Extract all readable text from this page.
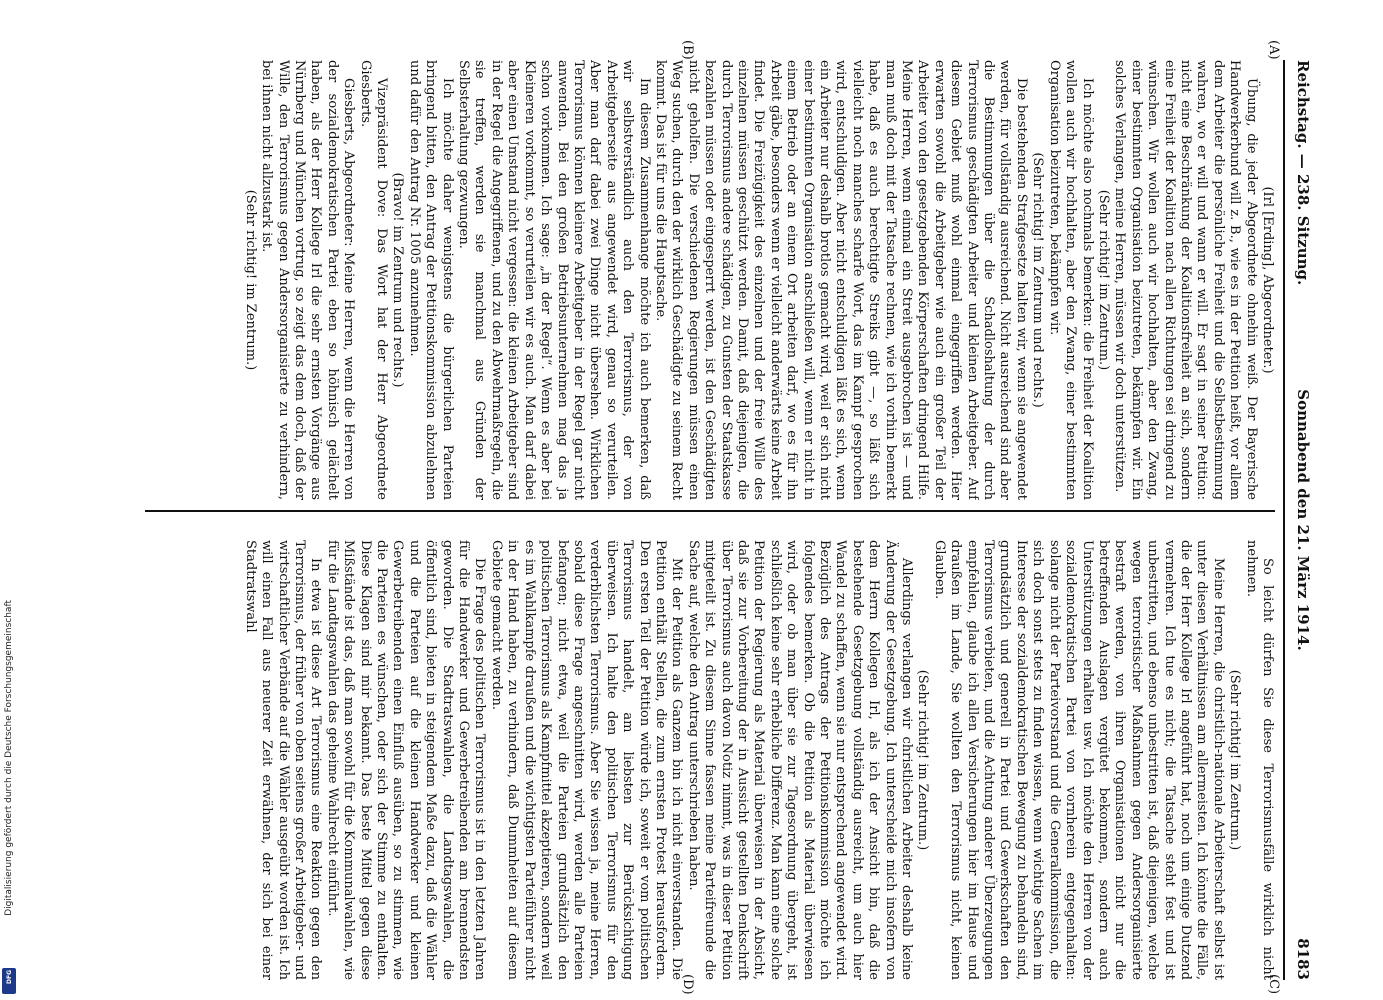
Reichstag. — 238. Sitzung.
Sonnabend den 21. März 1914.
8183
(A)
(B)
(C)
(D)

(Irl [Erding], Abgeordneter.)

Übung, die jeder Abgeordnete ohnehin weiß. Der Bayerische Handwerkerbund will z. B., wie es in der Petition heißt, vor allem dem Arbeiter die persönliche Freiheit und die Selbstbestimmung wahren, wo er will und wann er will. Er sagt in seiner Petition: nicht eine Beschränkung der Koalitionsfreiheit an sich, sondern eine Freiheit der Koalition nach allen Richtungen sei dringend zu wünschen. Wir wollen auch wir hochhalten, aber den Zwang, einer bestimmten Organisation beizutreten, bekämpfen wir. Ein solches Verlangen, meine Herren, müssen wir doch unterstützen.

(Sehr richtig! im Zentrum.)

Ich möchte also nochmals bemerken: die Freiheit der Koalition wollen auch wir hochhalten, aber den Zwang, einer bestimmten Organisation beizutreten, bekämpfen wir.

(Sehr richtig! im Zentrum und rechts.)

Die bestehenden Strafgesetze halten wir, wenn sie angewendet werden, für vollständig ausreichend. Nicht ausreichend sind aber die Bestimmungen über die Schadloshaltung der durch Terrorismus geschädigten Arbeiter und kleinen Arbeitgeber. Auf diesem Gebiet muß wohl einmal eingegriffen werden. Hier erwarten sowohl die Arbeitgeber wie auch ein großer Teil der Arbeiter von den gesetzgebenden Körperschaften dringend Hilfe. Meine Herren, wenn einmal ein Streit ausgebrochen ist — und man muß doch mit der Tatsache rechnen, wie ich vorhin bemerkt habe, daß es auch berechtigte Streiks gibt —, so läßt sich vielleicht noch manches scharfe Wort, das im Kampf gesprochen wird, entschuldigen. Aber nicht entschuldigen läßt es sich, wenn ein Arbeiter nur deshalb brotlos gemacht wird, weil er sich nicht einer bestimmten Organisation anschließen will, wenn er nicht in einem Betrieb oder an einem Ort arbeiten darf, wo es für ihn Arbeit gäbe, besonders wenn er vielleicht anderwärts keine Arbeit findet. Die Freizügigkeit des einzelnen und der freie Wille des einzelnen müssen geschützt werden. Damit, daß diejenigen, die durch Terrorismus andere schädigen, zu Gunsten der Staatskasse bezahlen müssen oder eingesperrt werden, ist den Geschädigten nicht geholfen. Die verschiedenen Regierungen müssen einen Weg suchen, durch den der wirklich Geschädigte zu seinem Recht kommt. Das ist für uns die Hauptsache.

Im diesem Zusammenhange möchte ich auch bemerken, daß wir selbstverständlich auch den Terrorismus, der von Arbeitgeberseite aus angewendet wird, genau so verurteilen. Aber man darf dabei zwei Dinge nicht übersehen. Wirklichen Terrorismus können kleinere Arbeitgeber in der Regel gar nicht anwenden. Bei den großen Betriebsunternehmen mag das ja schon vorkommen. Ich sage: „in der Regel“. Wenn es aber bei Kleineren vorkommt, so verurteilen wir es auch. Man darf dabei aber einen Umstand nicht vergessen: die kleinen Arbeitgeber sind in der Regel die Angegriffenen, und zu den Abwehrmaßregeln, die sie treffen, werden sie manchmal aus Gründen der Selbsterhaltung gezwungen.

Ich möchte daher wenigstens die bürgerlichen Parteien bringend bitten, den Antrag der Petitionskommission abzulehnen und dafür den Antrag Nr. 1005 anzunehmen.

(Bravo! im Zentrum und rechts.)

Vizepräsident Dove: Das Wort hat der Herr Abgeordnete Giesberts.

Giesberts, Abgeordneter: Meine Herren, wenn die Herren von der sozialdemokratischen Partei eben so höhnisch gelächelt haben, als der Herr Kollege Irl die sehr ernsten Vorgänge aus Nürnberg und München vortrug, so zeigt das dem doch, daß der Wille, den Terrorismus gegen Andersorganisierte zu verhindern, bei ihnen nicht allzustark ist.

(Sehr richtig! im Zentrum.)

So leicht dürfen Sie diese Terrorismusfälle wirklich nicht nehmen.

(Sehr richtig! im Zentrum.)

Meine Herren, die christlich-nationale Arbeiterschaft selbst ist unter diesen Verhältnissen am allermeisten. Ich könnte die Fälle, die der Herr Kollege Irl angeführt hat, noch um einige Dutzend vermehren. Ich tue es nicht; die Tatsache steht fest und ist unbestritten, und ebenso unbestritten ist, daß diejenigen, welche wegen terroristischer Maßnahmen gegen Andersorganisierte bestraft werden, von ihren Organisationen nicht nur die betreffenden Auslagen vergütet bekommen, sondern auch Unterstützungen erhalten usw. Ich möchte den Herren von der sozialdemokratischen Partei von vornherein entgegenhalten: solange nicht der Parteivorstand und die Generalkommission, die sich doch sonst stets zu finden wissen, wenn wichtige Sachen im Interesse der sozialdemokratischen Bewegung zu behandeln sind, grundsätzlich und generell in Partei und Gewerkschaften den Terrorismus verbieten, und die Achtung anderer Überzeugungen empfehlen, glaube ich allen Versicherungen hier im Hause und draußen im Lande, Sie wollten den Terrorismus nicht, keinen Glauben.

(Sehr richtig! im Zentrum.)

Allerdings verlangen wir christlichen Arbeiter deshalb keine Änderung der Gesetzgebung. Ich unterscheide mich insofern von dem Herrn Kollegen Irl, als ich der Ansicht bin, daß die bestehende Gesetzgebung vollständig ausreicht, um auch hier Wandel zu schaffen, wenn sie nur entsprechend angewendet wird. Bezüglich des Antrags der Petitionskommission möchte ich folgendes bemerken. Ob die Petition als Material überwiesen wird, oder ob man über sie zur Tagesordnung übergeht, ist schließlich keine sehr erhebliche Differenz. Man kann eine solche Petition der Regierung als Material überweisen in der Absicht, daß sie zur Vorbereitung der in Aussicht gestellten Denkschrift über Terrorismus auch davon Notiz nimmt, was in dieser Petition mitgeteilt ist. Zu diesem Sinne fassen meine Parteifreunde die Sache auf, welche den Antrag unterschrieben haben.

Mit der Petition als Ganzem bin ich nicht einverstanden. Die Petition enthält Stellen, die zum ernsten Protest herausfordern. Den ersten Teil der Petition würde ich, soweit er vom politischen Terrorismus handelt, am liebsten zur Berücksichtigung überweisen. Ich halte den politischen Terrorismus für den verderblichsten Terrorismus. Aber Sie wissen ja, meine Herren, sobald diese Frage angeschnitten wird, werden alle Parteien befangen; nicht etwa, weil die Parteien grundsätzlich den politischen Terrorismus als Kampfmittel akzeptieren, sondern weil es im Wahlkampfe draußen und die wichtigsten Parteiführer nicht in der Hand haben, zu verhindern, daß Dummheiten auf diesem Gebiete gemacht werden.

Die Frage des politischen Terrorismus ist in den letzten Jahren für die Handwerker und Gewerbetreibenden am brennendsten geworden. Die Stadtratswahlen, die Landtagswahlen, die öffentlich sind, bieten in steigendem Maße dazu, daß die Wähler und die Parteien auf die kleinen Handwerker und kleinen Gewerbetreibenden einen Einfluß ausüben, so zu stimmen, wie die Parteien es wünschen, oder sich der Stimme zu enthalten. Diese Klagen sind mir bekannt. Das beste Mittel gegen diese Mißstände ist das, daß man sowohl für die Kommunalwahlen, wie für die Landtagswahlen das geheime Wahlrecht einführt.

In etwa ist diese Art Terrorismus eine Reaktion gegen den Terrorismus, der früher von oben seitens großer Arbeitgeber- und wirtschaftlicher Verbände auf die Wähler ausgeübt worden ist. Ich will einen Fall aus neuerer Zeit erwähnen, der sich bei einer Stadtratswahl

Digitalisierung gefördert durch die Deutsche Forschungsgemeinschaft
DFG
